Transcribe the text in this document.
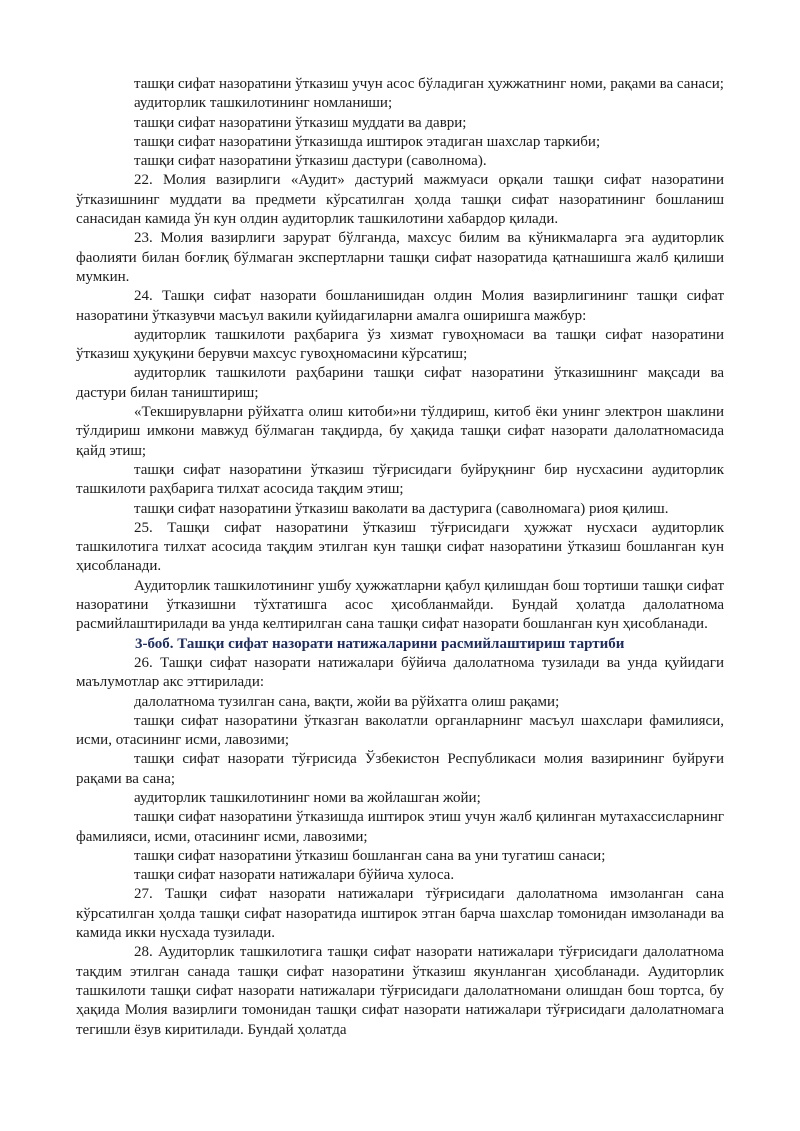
ташқи сифат назоратини ўтказиш учун асос бўладиган ҳужжатнинг номи, рақами ва санаси;

аудиторлик ташкилотининг номланиши;

ташқи сифат назоратини ўтказиш муддати ва даври;

ташқи сифат назоратини ўтказишда иштирок этадиган шахслар таркиби;

ташқи сифат назоратини ўтказиш дастури (саволнома).

22. Молия вазирлиги «Аудит» дастурий мажмуаси орқали ташқи сифат назоратини ўтказишнинг муддати ва предмети кўрсатилган ҳолда ташқи сифат назоратининг бошланиш санасидан камида ўн кун олдин аудиторлик ташкилотини хабардор қилади.

23. Молия вазирлиги зарурат бўлганда, махсус билим ва кўникмаларга эга аудиторлик фаолияти билан боғлиқ бўлмаган экспертларни ташқи сифат назоратида қатнашишга жалб қилиши мумкин.

24. Ташқи сифат назорати бошланишидан олдин Молия вазирлигининг ташқи сифат назоратини ўтказувчи масъул вакили қуйидагиларни амалга оширишга мажбур:

аудиторлик ташкилоти раҳбарига ўз хизмат гувоҳномаси ва ташқи сифат назоратини ўтказиш ҳуқуқини берувчи махсус гувоҳномасини кўрсатиш;

аудиторлик ташкилоти раҳбарини ташқи сифат назоратини ўтказишнинг мақсади ва дастури билан таништириш;

«Текширувларни рўйхатга олиш китоби»ни тўлдириш, китоб ёки унинг электрон шаклини тўлдириш имкони мавжуд бўлмаган тақдирда, бу ҳақида ташқи сифат назорати далолатномасида қайд этиш;

ташқи сифат назоратини ўтказиш тўғрисидаги буйруқнинг бир нусхасини аудиторлик ташкилоти раҳбарига тилхат асосида тақдим этиш;

ташқи сифат назоратини ўтказиш ваколати ва дастурига (саволномага) риоя қилиш.

25. Ташқи сифат назоратини ўтказиш тўғрисидаги ҳужжат нусхаси аудиторлик ташкилотига тилхат асосида тақдим этилган кун ташқи сифат назоратини ўтказиш бошланган кун ҳисобланади.

Аудиторлик ташкилотининг ушбу ҳужжатларни қабул қилишдан бош тортиши ташқи сифат назоратини ўтказишни тўхтатишга асос ҳисобланмайди. Бундай ҳолатда далолатнома расмийлаштирилади ва унда келтирилган сана ташқи сифат назорати бошланган кун ҳисобланади.

3-боб. Ташқи сифат назорати натижаларини расмийлаштириш тартиби

26. Ташқи сифат назорати натижалари бўйича далолатнома тузилади ва унда қуйидаги маълумотлар акс эттирилади:

далолатнома тузилган сана, вақти, жойи ва рўйхатга олиш рақами;

ташқи сифат назоратини ўтказган ваколатли органларнинг масъул шахслари фамилияси, исми, отасининг исми, лавозими;

ташқи сифат назорати тўғрисида Ўзбекистон Республикаси молия вазирининг буйруғи рақами ва сана;

аудиторлик ташкилотининг номи ва жойлашган жойи;

ташқи сифат назоратини ўтказишда иштирок этиш учун жалб қилинган мутахассисларнинг фамилияси, исми, отасининг исми, лавозими;

ташқи сифат назоратини ўтказиш бошланган сана ва уни тугатиш санаси;

ташқи сифат назорати натижалари бўйича хулоса.

27. Ташқи сифат назорати натижалари тўғрисидаги далолатнома имзоланган сана кўрсатилган ҳолда ташқи сифат назоратида иштирок этган барча шахслар томонидан имзоланади ва камида икки нусхада тузилади.

28. Аудиторлик ташкилотига ташқи сифат назорати натижалари тўғрисидаги далолатнома тақдим этилган санада ташқи сифат назоратини ўтказиш якунланган ҳисобланади. Аудиторлик ташкилоти ташқи сифат назорати натижалари тўғрисидаги далолатномани олишдан бош тортса, бу ҳақида Молия вазирлиги томонидан ташқи сифат назорати натижалари тўғрисидаги далолатномага тегишли ёзув киритилади. Бундай ҳолатда
